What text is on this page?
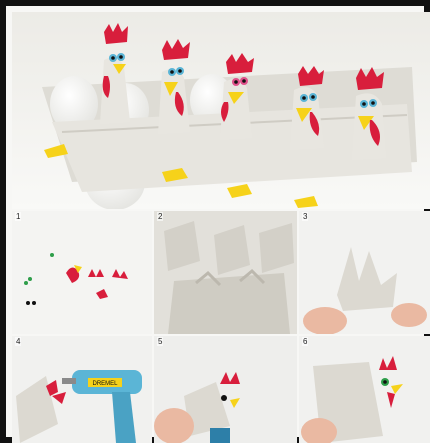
1	2	3
DREMEL
4	5	6
